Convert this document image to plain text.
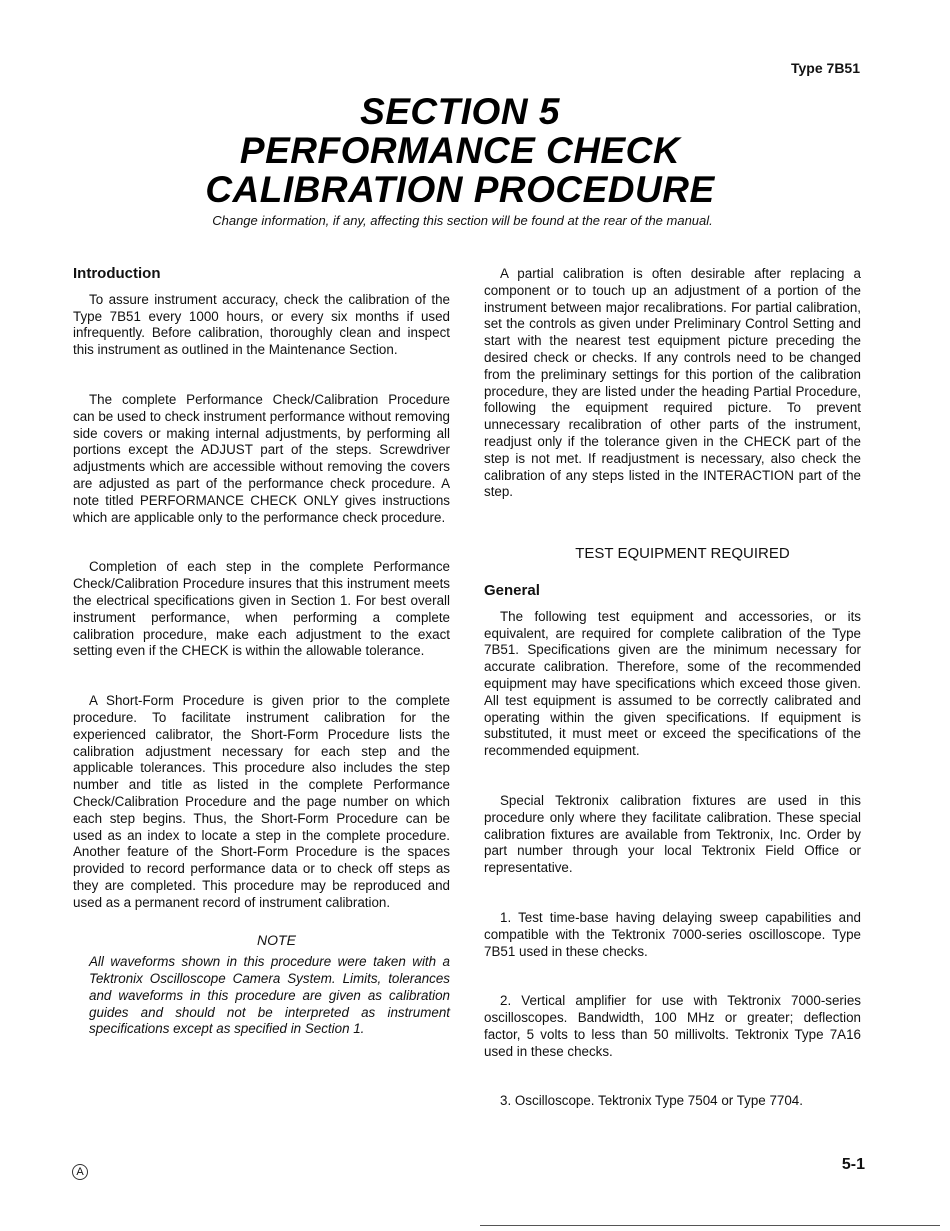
Type 7B51
SECTION 5
PERFORMANCE CHECK
CALIBRATION PROCEDURE
Change information, if any, affecting this section will be found at the rear of the manual.
Introduction

To assure instrument accuracy, check the calibration of the Type 7B51 every 1000 hours, or every six months if used infrequently. Before calibration, thoroughly clean and inspect this instrument as outlined in the Maintenance Section.

The complete Performance Check/Calibration Procedure can be used to check instrument performance without removing side covers or making internal adjustments, by performing all portions except the ADJUST part of the steps. Screwdriver adjustments which are accessible without removing the covers are adjusted as part of the performance check procedure. A note titled PERFORMANCE CHECK ONLY gives instructions which are applicable only to the performance check procedure.

Completion of each step in the complete Performance Check/Calibration Procedure insures that this instrument meets the electrical specifications given in Section 1. For best overall instrument performance, when performing a complete calibration procedure, make each adjustment to the exact setting even if the CHECK is within the allowable tolerance.

A Short-Form Procedure is given prior to the complete procedure. To facilitate instrument calibration for the experienced calibrator, the Short-Form Procedure lists the calibration adjustment necessary for each step and the applicable tolerances. This procedure also includes the step number and title as listed in the complete Performance Check/Calibration Procedure and the page number on which each step begins. Thus, the Short-Form Procedure can be used as an index to locate a step in the complete procedure. Another feature of the Short-Form Procedure is the spaces provided to record performance data or to check off steps as they are completed. This procedure may be reproduced and used as a permanent record of instrument calibration.

NOTE
All waveforms shown in this procedure were taken with a Tektronix Oscilloscope Camera System. Limits, tolerances and waveforms in this procedure are given as calibration guides and should not be interpreted as instrument specifications except as specified in Section 1.

A partial calibration is often desirable after replacing a component or to touch up an adjustment of a portion of the instrument between major recalibrations. For partial calibration, set the controls as given under Preliminary Control Setting and start with the nearest test equipment picture preceding the desired check or checks. If any controls need to be changed from the preliminary settings for this portion of the calibration procedure, they are listed under the heading Partial Procedure, following the equipment required picture. To prevent unnecessary recalibration of other parts of the instrument, readjust only if the tolerance given in the CHECK part of the step is not met. If readjustment is necessary, also check the calibration of any steps listed in the INTERACTION part of the step.

TEST EQUIPMENT REQUIRED
General

The following test equipment and accessories, or its equivalent, are required for complete calibration of the Type 7B51. Specifications given are the minimum necessary for accurate calibration. Therefore, some of the recommended equipment may have specifications which exceed those given. All test equipment is assumed to be correctly calibrated and operating within the given specifications. If equipment is substituted, it must meet or exceed the specifications of the recommended equipment.

Special Tektronix calibration fixtures are used in this procedure only where they facilitate calibration. These special calibration fixtures are available from Tektronix, Inc. Order by part number through your local Tektronix Field Office or representative.

1. Test time-base having delaying sweep capabilities and compatible with the Tektronix 7000-series oscilloscope. Type 7B51 used in these checks.

2. Vertical amplifier for use with Tektronix 7000-series oscilloscopes. Bandwidth, 100 MHz or greater; deflection factor, 5 volts to less than 50 millivolts. Tektronix Type 7A16 used in these checks.

3. Oscilloscope. Tektronix Type 7504 or Type 7704.

A	5-1
